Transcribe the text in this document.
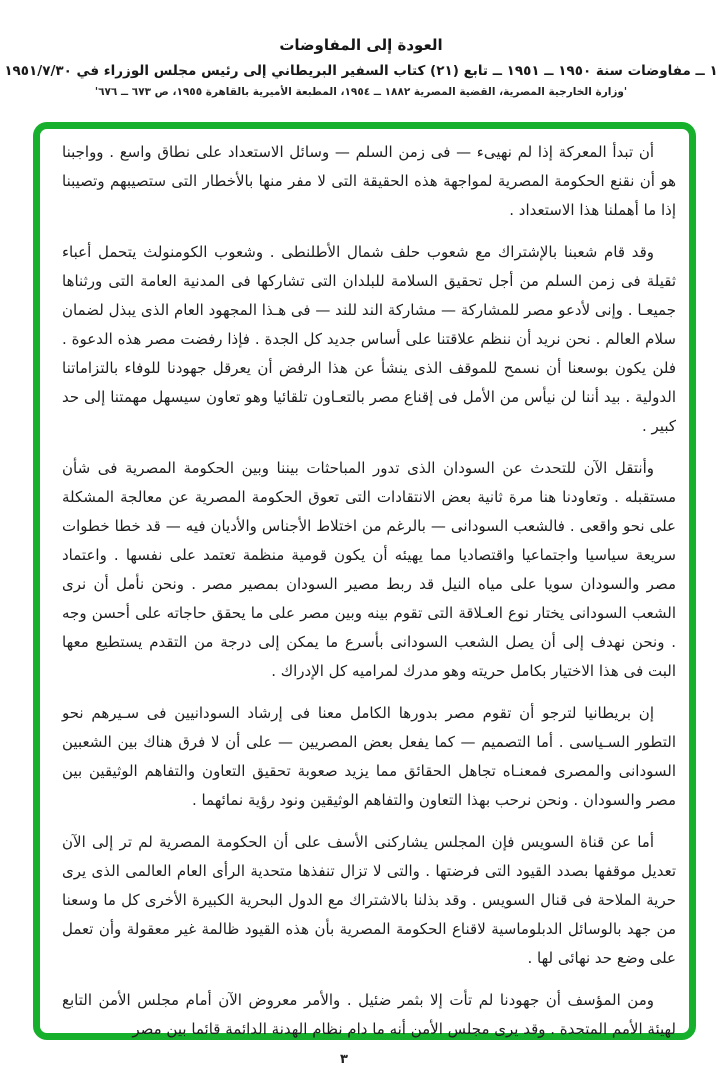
العودة إلى المفاوضات
١ ــ مفاوضات سنة ١٩٥٠ ــ ١٩٥١ ــ تابع (٢١) كتاب السفير البريطاني إلى رئيس مجلس الوزراء في ١٩٥١/٧/٣٠
'وزارة الخارجية المصرية، القضية المصرية ١٨٨٢ ــ ١٩٥٤، المطبعة الأميرية بالقاهرة ١٩٥٥، ص ٦٧٣ ــ ٦٧٦'

أن تبدأ المعركة إذا لم نهيىء — فى زمن السلم — وسائل الاستعداد على نطاق واسع . وواجبنا هو أن نقنع الحكومة المصرية لمواجهة هذه الحقيقة التى لا مفر منها بالأخطار التى ستصيبهم وتصيبنا إذا ما أهملنا هذا الاستعداد .

وقد قام شعبنا بالإشتراك مع شعوب حلف شمال الأطلنطى . وشعوب الكومنولث يتحمل أعباء ثقيلة فى زمن السلم من أجل تحقيق السلامة للبلدان التى تشاركها فى المدنية العامة التى ورثناها جميعـا . وإنى لأدعو مصر للمشاركة — مشاركة الند للند — فى هـذا المجهود العام الذى يبذل لضمان سلام العالم . نحن نريد أن ننظم علاقتنا على أساس جديد كل الجدة . فإذا رفضت مصر هذه الدعوة . فلن يكون بوسعنا أن نسمح للموقف الذى ينشأ عن هذا الرفض أن يعرقل جهودنا للوفاء بالتزاماتنا الدولية . بيد أننا لن نيأس من الأمل فى إقناع مصر بالتعـاون تلقائيا وهو تعاون سيسهل مهمتنا إلى حد كبير .

وأنتقل الآن للتحدث عن السودان الذى تدور المباحثات بيننا وبين الحكومة المصرية فى شأن مستقبله . وتعاودنا هنا مرة ثانية بعض الانتقادات التى تعوق الحكومة المصرية عن معالجة المشكلة على نحو واقعى . فالشعب السودانى — بالرغم من اختلاط الأجناس والأديان فيه — قد خطا خطوات سريعة سياسيا واجتماعيا واقتصاديا مما يهيئه أن يكون قومية منظمة تعتمد على نفسها . واعتماد مصر والسودان سويا على مياه النيل قد ربط مصير السودان بمصير مصر . ونحن نأمل أن نرى الشعب السودانى يختار نوع العـلاقة التى تقوم بينه وبين مصر على ما يحقق حاجاته على أحسن وجه . ونحن نهدف إلى أن يصل الشعب السودانى بأسرع ما يمكن إلى درجة من التقدم يستطيع معها البت فى هذا الاختيار بكامل حريته وهو مدرك لمراميه كل الإدراك .

إن بريطانيا لترجو أن تقوم مصر بدورها الكامل معنا فى إرشاد السودانيين فى سـيرهم نحو التطور السـياسى . أما التصميم — كما يفعل بعض المصريين — على أن لا فرق هناك بين الشعبين السودانى والمصرى فمعنـاه تجاهل الحقائق مما يزيد صعوبة تحقيق التعاون والتفاهم الوثيقين بين مصر والسودان . ونحن نرحب بهذا التعاون والتفاهم الوثيقين ونود رؤية نمائهما .

أما عن قناة السويس فإن المجلس يشاركنى الأسف على أن الحكومة المصرية لم تر إلى الآن تعديل موقفها بصدد القيود التى فرضتها . والتى لا تزال تنفذها متحدية الرأى العام العالمى الذى يرى حرية الملاحة فى قنال السويس . وقد بذلنا بالاشتراك مع الدول البحرية الكبيرة الأخرى كل ما وسعنا من جهد بالوسائل الدبلوماسية لاقناع الحكومة المصرية بأن هذه القيود ظالمة غير معقولة وأن تعمل على وضع حد نهائى لها .

ومن المؤسف أن جهودنا لم تأت إلا بثمر ضئيل . والأمر معروض الآن أمام مجلس الأمن التابع لهيئة الأمم المتحدة . وقد يرى مجلس الأمن أنه ما دام نظام الهدنة الدائمة قائما بين مصر

٣
